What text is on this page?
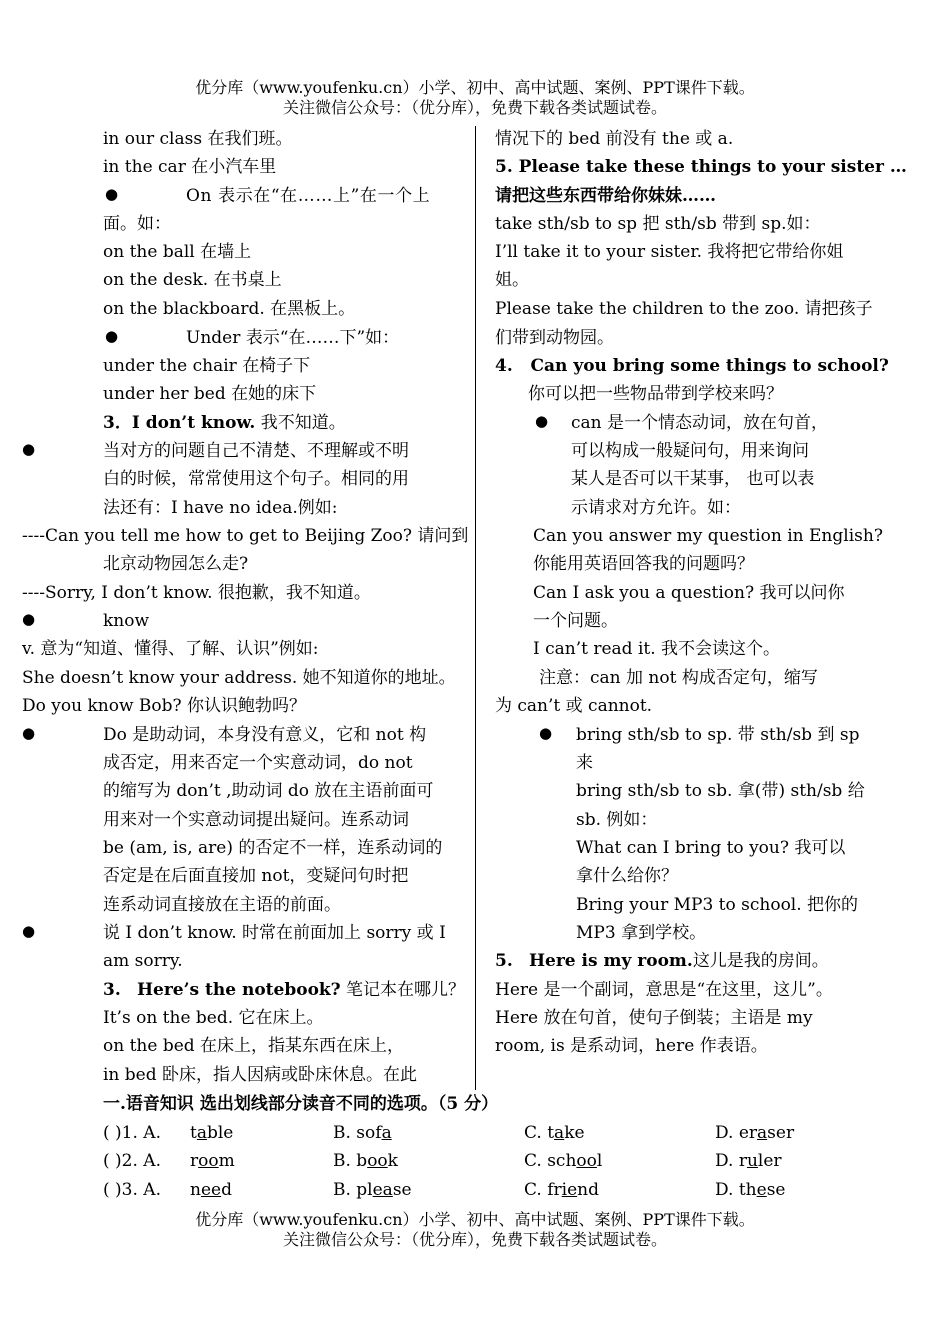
优分库（www.youfenku.cn）小学、初中、高中试题、案例、PPT课件下载。
关注微信公众号：（优分库），免费下载各类试题试卷。
in our class 在我们班。
in the car 在小汽车里
●	On 表示在“在……上”在一个上
面。如：
on the ball 在墙上
on the desk. 在书桌上
on the blackboard. 在黑板上。
●	Under 表示“在……下”如：
under the chair 在椅子下
under her bed 在她的床下
3．I don’t know. 我不知道。
●	当对方的问题自己不清楚、不理解或不明
白的时候，常常使用这个句子。相同的用
法还有：I have no idea.例如:
----Can you tell me how to get to Beijing Zoo? 请问到
北京动物园怎么走?
----Sorry, I don’t know. 很抱歉，我不知道。
●	know
v. 意为“知道、懂得、了解、认识”例如:
She doesn’t know your address. 她不知道你的地址。
Do you know Bob? 你认识鲍勃吗？
●	Do 是助动词，本身没有意义，它和 not 构
成否定，用来否定一个实意动词，do not
的缩写为 don’t ,助动词 do 放在主语前面可
用来对一个实意动词提出疑问。连系动词
be (am, is, are) 的否定不一样，连系动词的
否定是在后面直接加 not，变疑问句时把
连系动词直接放在主语的前面。
●	说 I don’t know. 时常在前面加上 sorry 或 I
am sorry.
3. Here’s the notebook? 笔记本在哪儿？
It’s on the bed. 它在床上。
on the bed 在床上，指某东西在床上，
in bed 卧床，指人因病或卧床休息。在此
情况下的 bed 前没有 the 或 a.
5. Please take these things to your sister …
请把这些东西带给你妹妹……
take sth/sb to sp 把 sth/sb 带到 sp.如：
I’ll take it to your sister. 我将把它带给你姐
姐。
Please take the children to the zoo. 请把孩子
们带到动物园。
4. Can you bring some things to school?
你可以把一些物品带到学校来吗？
● can 是一个情态动词，放在句首，
可以构成一般疑问句，用来询问
某人是否可以干某事， 也可以表
示请求对方允许。如：
Can you answer my question in English?
你能用英语回答我的问题吗？
Can I ask you a question? 我可以问你
一个问题。
I can’t read it. 我不会读这个。
注意：can 加 not 构成否定句，缩写
为 can’t 或 cannot.
● bring sth/sb to sp. 带 sth/sb 到 sp
来
bring sth/sb to sb. 拿(带) sth/sb 给
sb. 例如：
What can I bring to you? 我可以
拿什么给你？
Bring your MP3 to school. 把你的
MP3 拿到学校。
5. Here is my room.这儿是我的房间。
Here 是一个副词，意思是“在这里，这儿”。
Here 放在句首，使句子倒装；主语是 my
room, is 是系动词，here 作表语。
一.语音知识 选出划线部分读音不同的选项。（5 分）
( )1. A. table	B. sofa	C. take	D. eraser
( )2. A. room	B. book	C. school	D. ruler
( )3. A. need	B. please	C. friend	D. these
优分库（www.youfenku.cn）小学、初中、高中试题、案例、PPT课件下载。
关注微信公众号：（优分库），免费下载各类试题试卷。
